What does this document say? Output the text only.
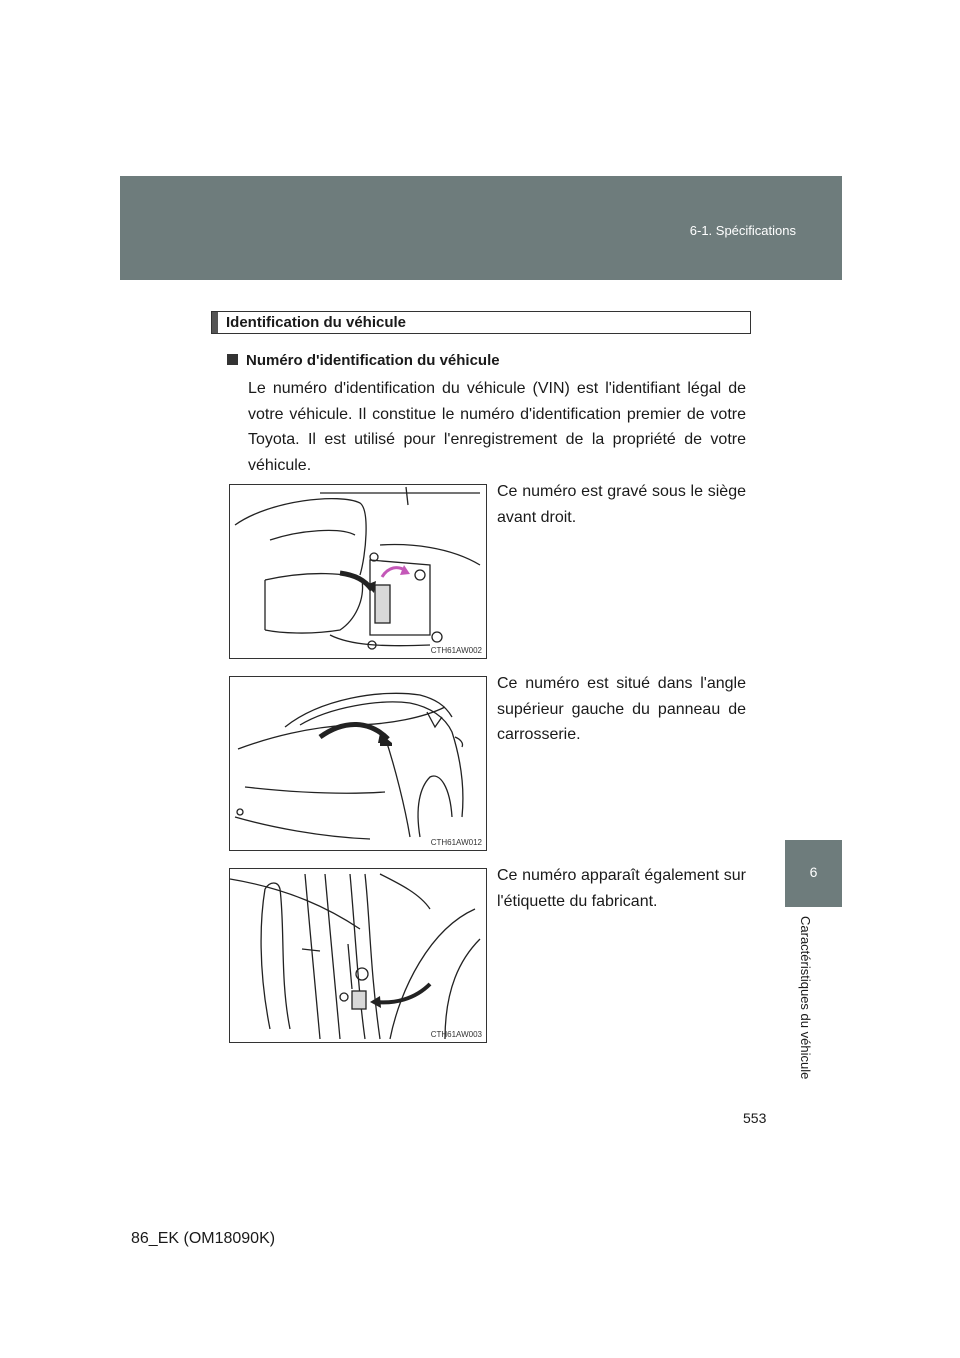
6-1. Spécifications
6
Caractéristiques du véhicule
Identification du véhicule
Numéro d'identification du véhicule
Le numéro d'identification du véhicule (VIN) est l'identifiant légal de votre véhicule. Il constitue le numéro d'identification premier de votre Toyota. Il est utilisé pour l'enregistrement de la propriété de votre véhicule.
CTH61AW002
Ce numéro est gravé sous le siège avant droit.
CTH61AW012
Ce numéro est situé dans l'angle supérieur gauche du panneau de carrosserie.
CTH61AW003
Ce numéro apparaît également sur l'étiquette du fabricant.
553
86_EK (OM18090K)
